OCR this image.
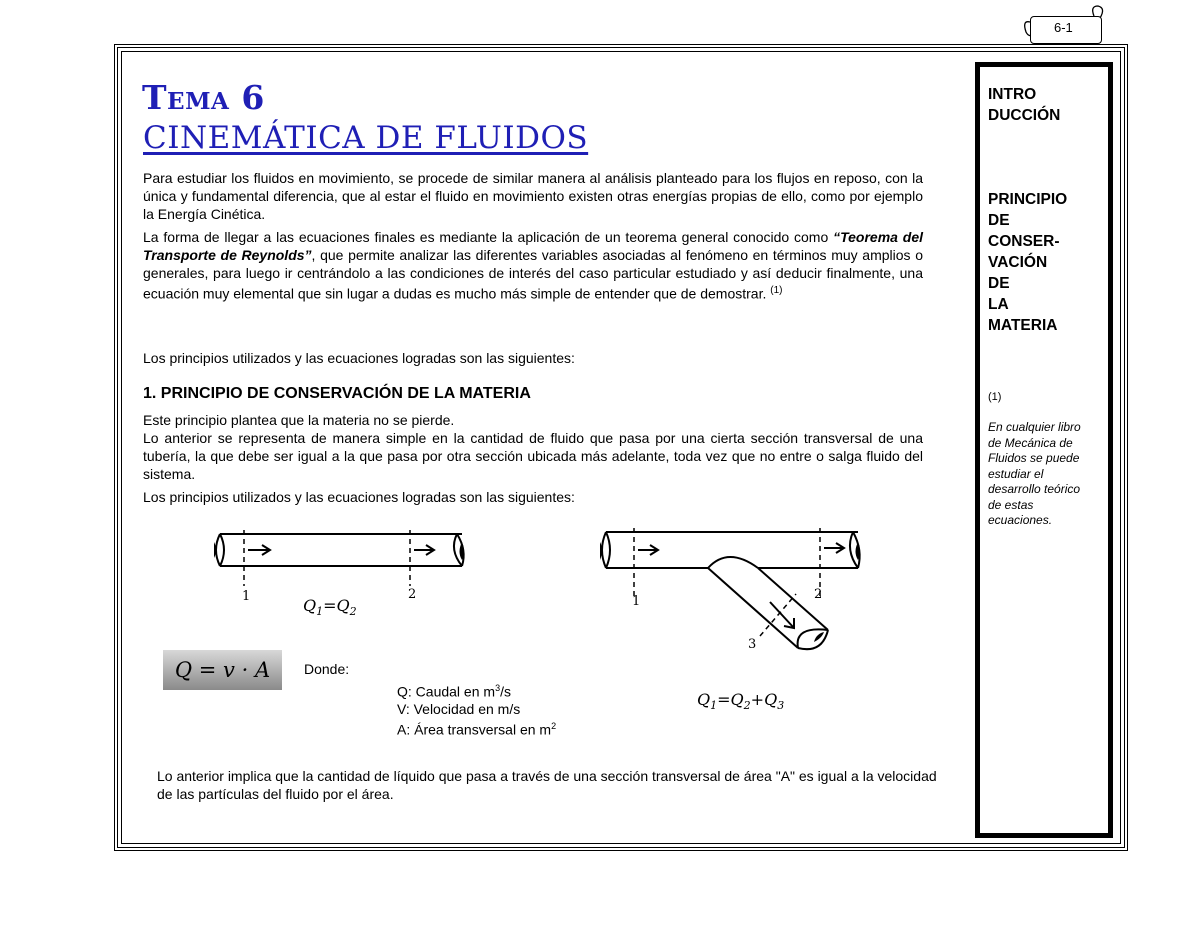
6-1
INTRO
DUCCIÓN
PRINCIPIO
DE
CONSER-
VACIÓN
DE
LA
MATERIA
(1)
En cualquier libro de Mecánica de Fluidos se puede estudiar el desarrollo teórico de estas ecuaciones.
Tema 6
CINEMÁTICA DE FLUIDOS
Para estudiar los fluidos en movimiento, se procede de similar manera al análisis planteado para los flujos en reposo, con la única y fundamental diferencia, que al estar el fluido en movimiento existen otras energías propias de ello, como por ejemplo la Energía Cinética.
La forma de llegar a las ecuaciones finales es mediante la aplicación de un teorema general conocido como “Teorema del Transporte de Reynolds”, que permite analizar las diferentes variables asociadas al fenómeno en términos muy amplios o generales, para luego ir centrándolo a las condiciones de interés del caso particular estudiado y así deducir finalmente, una ecuación muy elemental que sin lugar a dudas es mucho más simple de entender que de demostrar. $^{(1)}$
Los principios utilizados y las ecuaciones logradas son las siguientes:
1. PRINCIPIO DE CONSERVACIÓN DE LA MATERIA
Este principio plantea que la materia no se pierde.
Lo anterior se representa de manera simple en la cantidad de fluido que pasa por una cierta sección transversal de una tubería, la que debe ser igual a la que pasa por otra sección ubicada más adelante, toda vez que no entre o salga fluido del sistema.
Los principios utilizados y las ecuaciones logradas son las siguientes:
1	2
$Q_1=Q_2$
1	2
3
$Q_1=Q_2+Q_3$
Q = v · A	Donde:
Q: Caudal en $m^3/s$
V: Velocidad en m/s
A: Área transversal en $m^2$
Lo anterior implica que la cantidad de líquido que pasa a través de una sección transversal de área "A" es igual a la velocidad de las partículas del fluido por el área.
